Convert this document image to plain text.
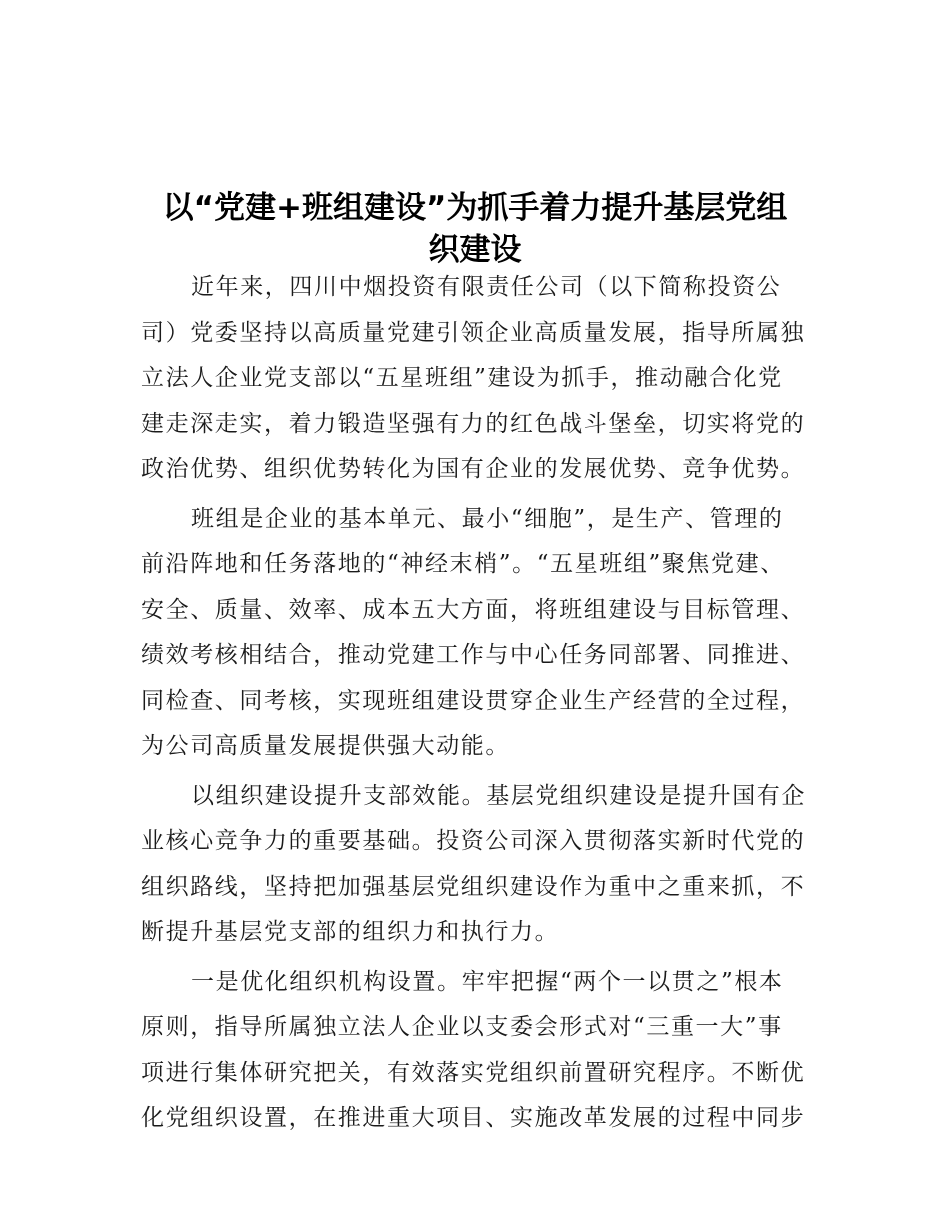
以“党建+班组建设”为抓手着力提升基层党组
织建设
近年来，四川中烟投资有限责任公司（以下简称投资公
司）党委坚持以高质量党建引领企业高质量发展，指导所属独
立法人企业党支部以“五星班组”建设为抓手，推动融合化党
建走深走实，着力锻造坚强有力的红色战斗堡垒，切实将党的
政治优势、组织优势转化为国有企业的发展优势、竞争优势。
班组是企业的基本单元、最小“细胞”，是生产、管理的
前沿阵地和任务落地的“神经末梢”。“五星班组”聚焦党建、
安全、质量、效率、成本五大方面，将班组建设与目标管理、
绩效考核相结合，推动党建工作与中心任务同部署、同推进、
同检查、同考核，实现班组建设贯穿企业生产经营的全过程，
为公司高质量发展提供强大动能。
以组织建设提升支部效能。基层党组织建设是提升国有企
业核心竞争力的重要基础。投资公司深入贯彻落实新时代党的
组织路线，坚持把加强基层党组织建设作为重中之重来抓，不
断提升基层党支部的组织力和执行力。
一是优化组织机构设置。牢牢把握“两个一以贯之”根本
原则，指导所属独立法人企业以支委会形式对“三重一大”事
项进行集体研究把关，有效落实党组织前置研究程序。不断优
化党组织设置，在推进重大项目、实施改革发展的过程中同步
